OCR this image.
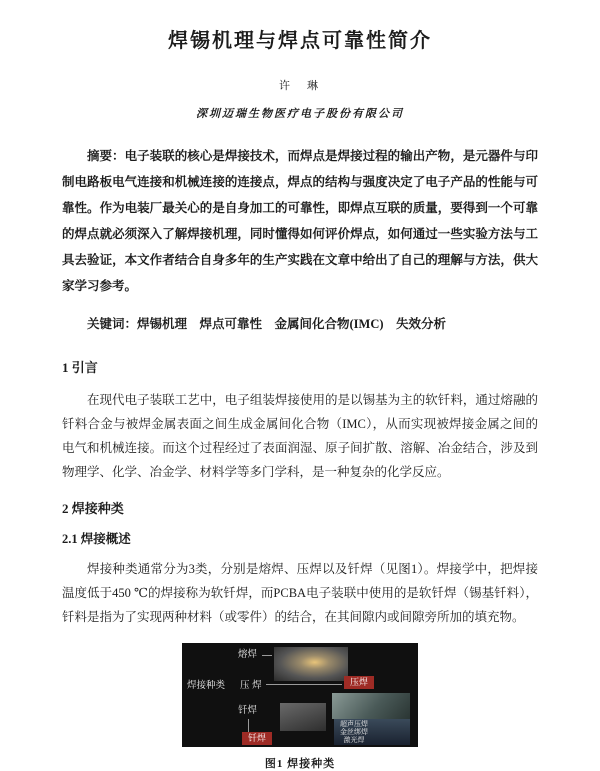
焊锡机理与焊点可靠性简介
许　琳
深圳迈瑞生物医疗电子股份有限公司

摘要：电子装联的核心是焊接技术，而焊点是焊接过程的输出产物，是元器件与印制电路板电气连接和机械连接的连接点，焊点的结构与强度决定了电子产品的性能与可靠性。作为电装厂最关心的是自身加工的可靠性，即焊点互联的质量，要得到一个可靠的焊点就必须深入了解焊接机理，同时懂得如何评价焊点，如何通过一些实验方法与工具去验证，本文作者结合自身多年的生产实践在文章中给出了自己的理解与方法，供大家学习参考。

关键词：焊锡机理　焊点可靠性　金属间化合物(IMC)　失效分析

1 引言

在现代电子装联工艺中，电子组装焊接使用的是以锡基为主的软钎料，通过熔融的钎料合金与被焊金属表面之间生成金属间化合物（IMC），从而实现被焊接金属之间的电气和机械连接。而这个过程经过了表面润湿、原子间扩散、溶解、冶金结合，涉及到物理学、化学、冶金学、材料学等多门学科，是一种复杂的化学反应。

2 焊接种类
2.1 焊接概述

焊接种类通常分为3类，分别是熔焊、压焊以及钎焊（见图1）。焊接学中，把焊接温度低于450 ℃的焊接称为软钎焊，而PCBA电子装联中使用的是软钎焊（锡基钎料），钎料是指为了实现两种材料（或零件）的结合，在其间隙内或间隙旁所加的填充物。

熔焊
焊接种类 压 焊
钎焊
压焊
钎焊
超声压焊
金丝绑焊
激光焊
图1 焊接种类
